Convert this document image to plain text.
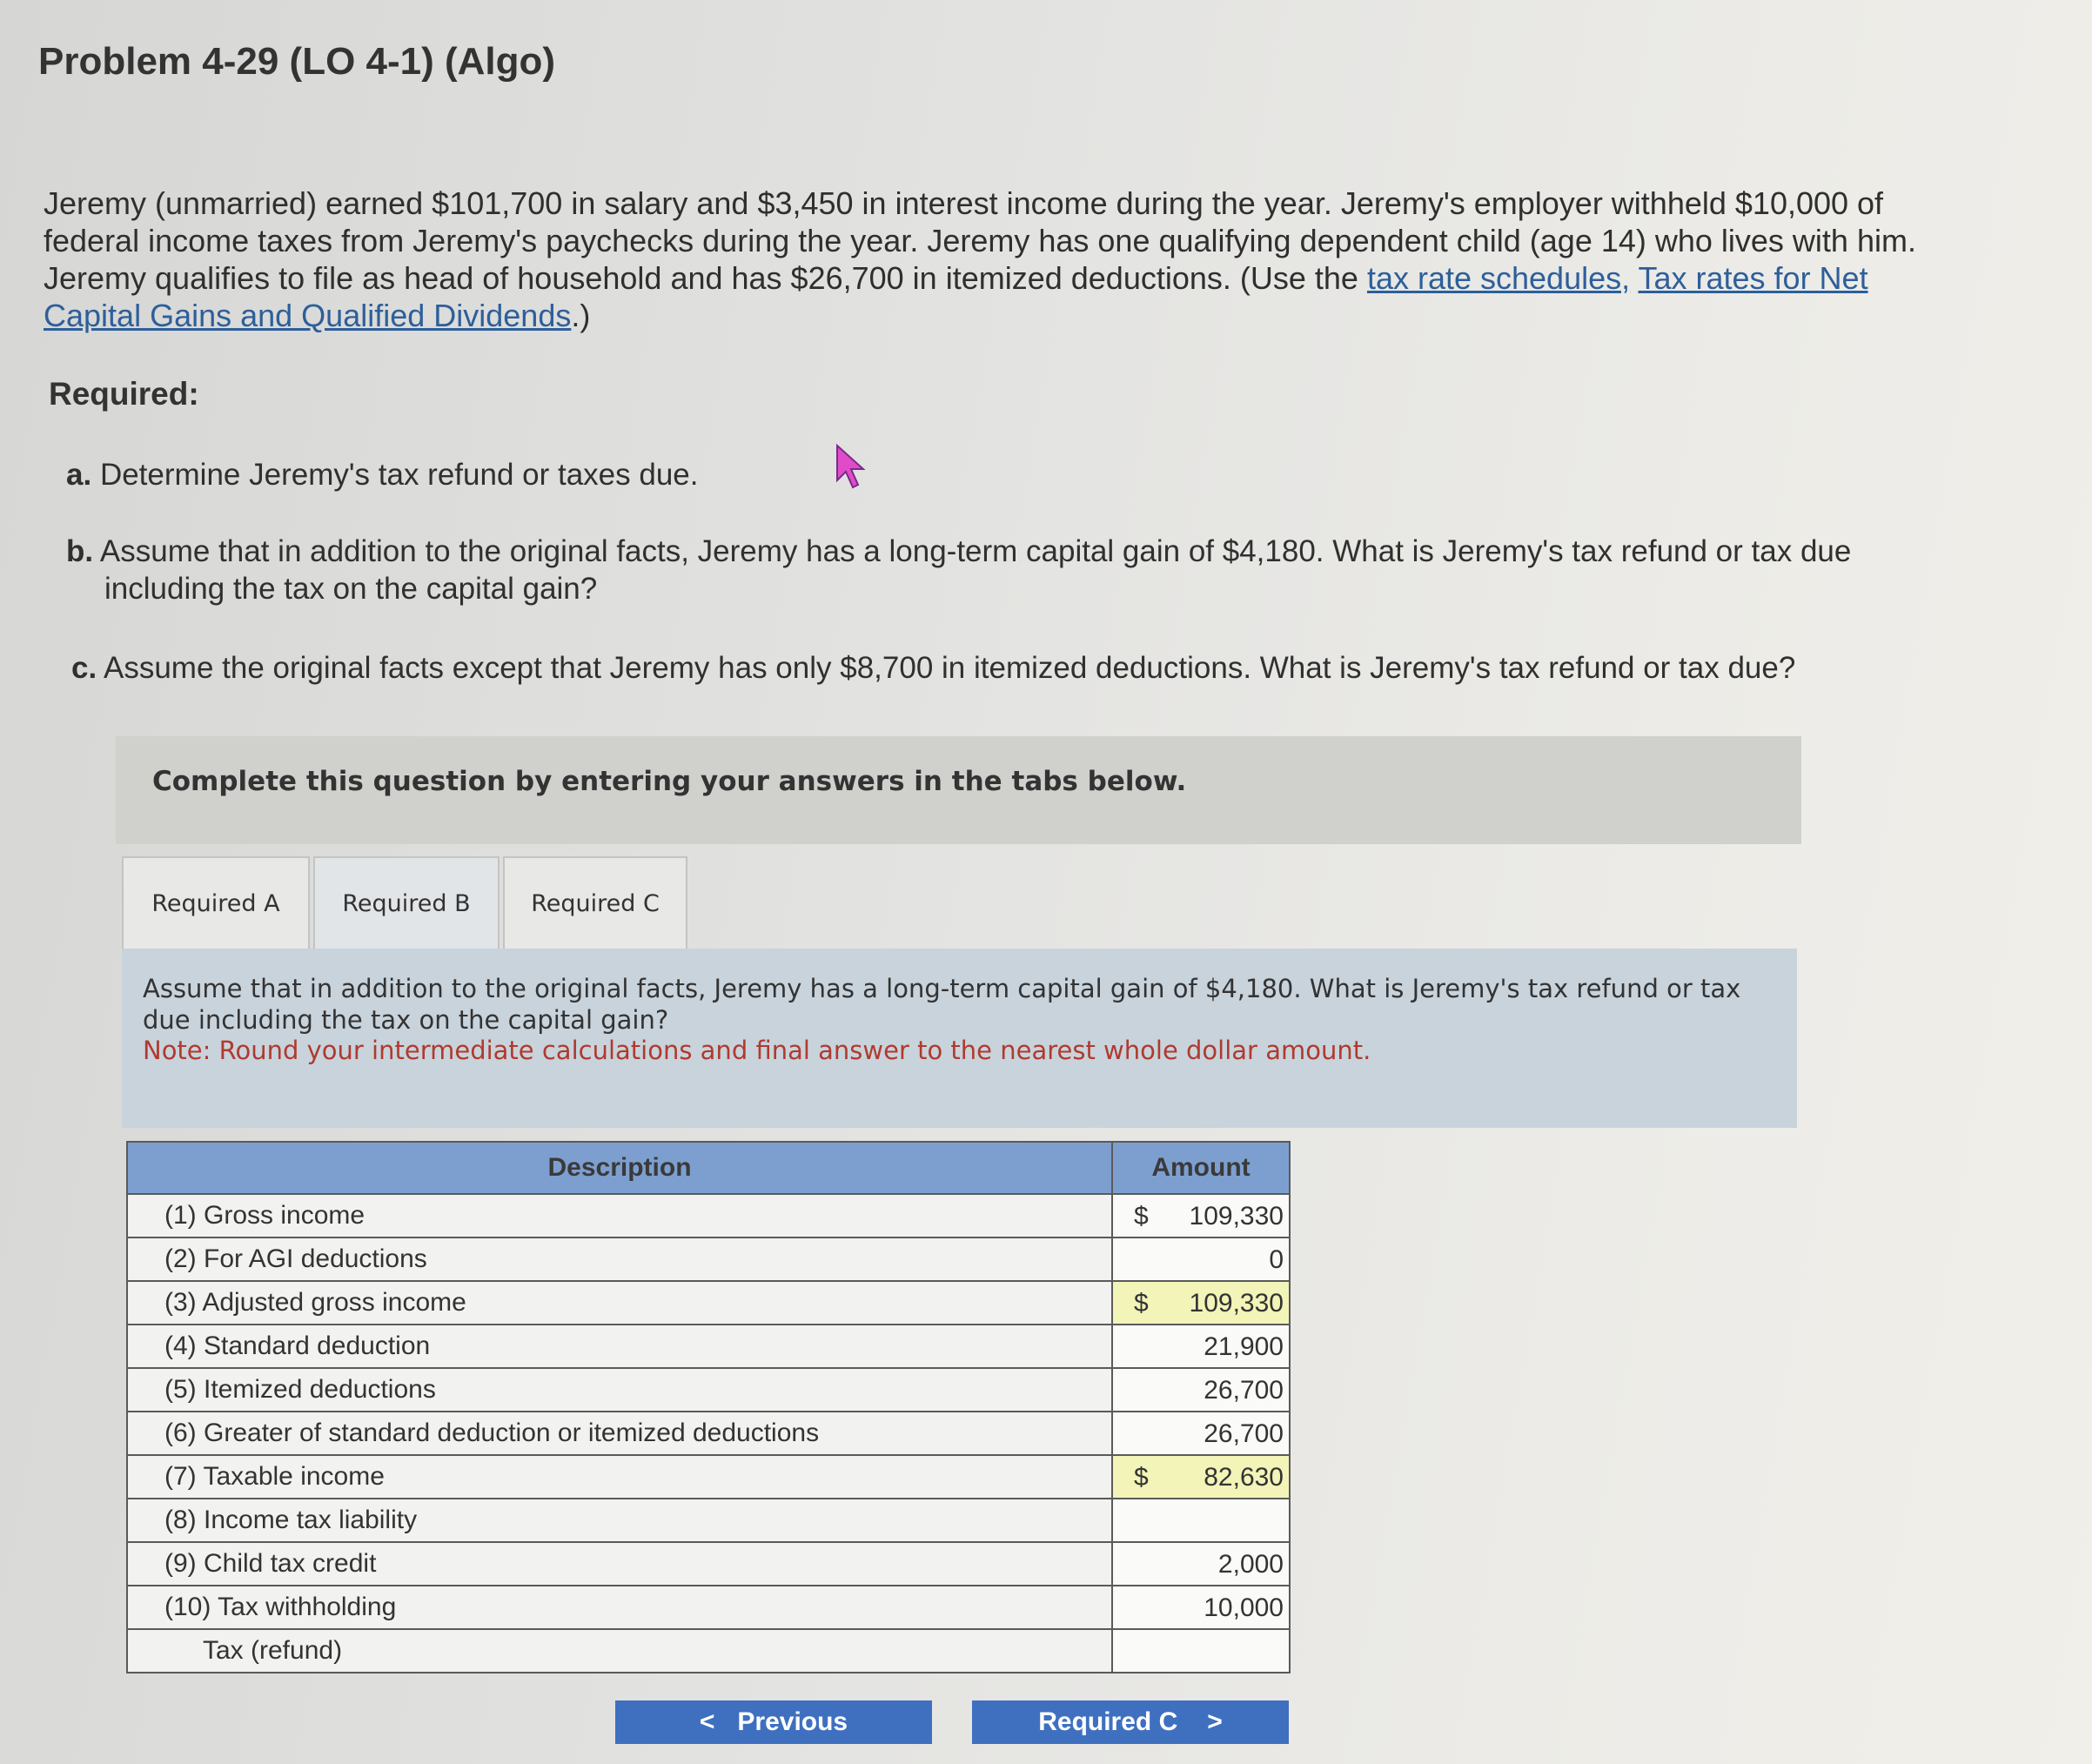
Problem 4-29 (LO 4-1) (Algo)
Jeremy (unmarried) earned $101,700 in salary and $3,450 in interest income during the year. Jeremy's employer withheld $10,000 of federal income taxes from Jeremy's paychecks during the year. Jeremy has one qualifying dependent child (age 14) who lives with him. Jeremy qualifies to file as head of household and has $26,700 in itemized deductions. (Use the tax rate schedules, Tax rates for Net Capital Gains and Qualified Dividends.)
Required:
a. Determine Jeremy's tax refund or taxes due.
b. Assume that in addition to the original facts, Jeremy has a long-term capital gain of $4,180. What is Jeremy's tax refund or tax due including the tax on the capital gain?
c. Assume the original facts except that Jeremy has only $8,700 in itemized deductions. What is Jeremy's tax refund or tax due?
Complete this question by entering your answers in the tabs below.
Required A	Required B	Required C
Assume that in addition to the original facts, Jeremy has a long-term capital gain of $4,180. What is Jeremy's tax refund or tax due including the tax on the capital gain?
Note: Round your intermediate calculations and final answer to the nearest whole dollar amount.
Description	Amount
(1) Gross income	$ 109,330

(2) For AGI deductions	0

(3) Adjusted gross income	$ 109,330

(4) Standard deduction	21,900

(5) Itemized deductions	26,700

(6) Greater of standard deduction or itemized deductions	26,700

(7) Taxable income	$ 82,630

(8) Income tax liability	

(9) Child tax credit	2,000

(10) Tax withholding	10,000

Tax (refund)	
< Previous	Required C >
